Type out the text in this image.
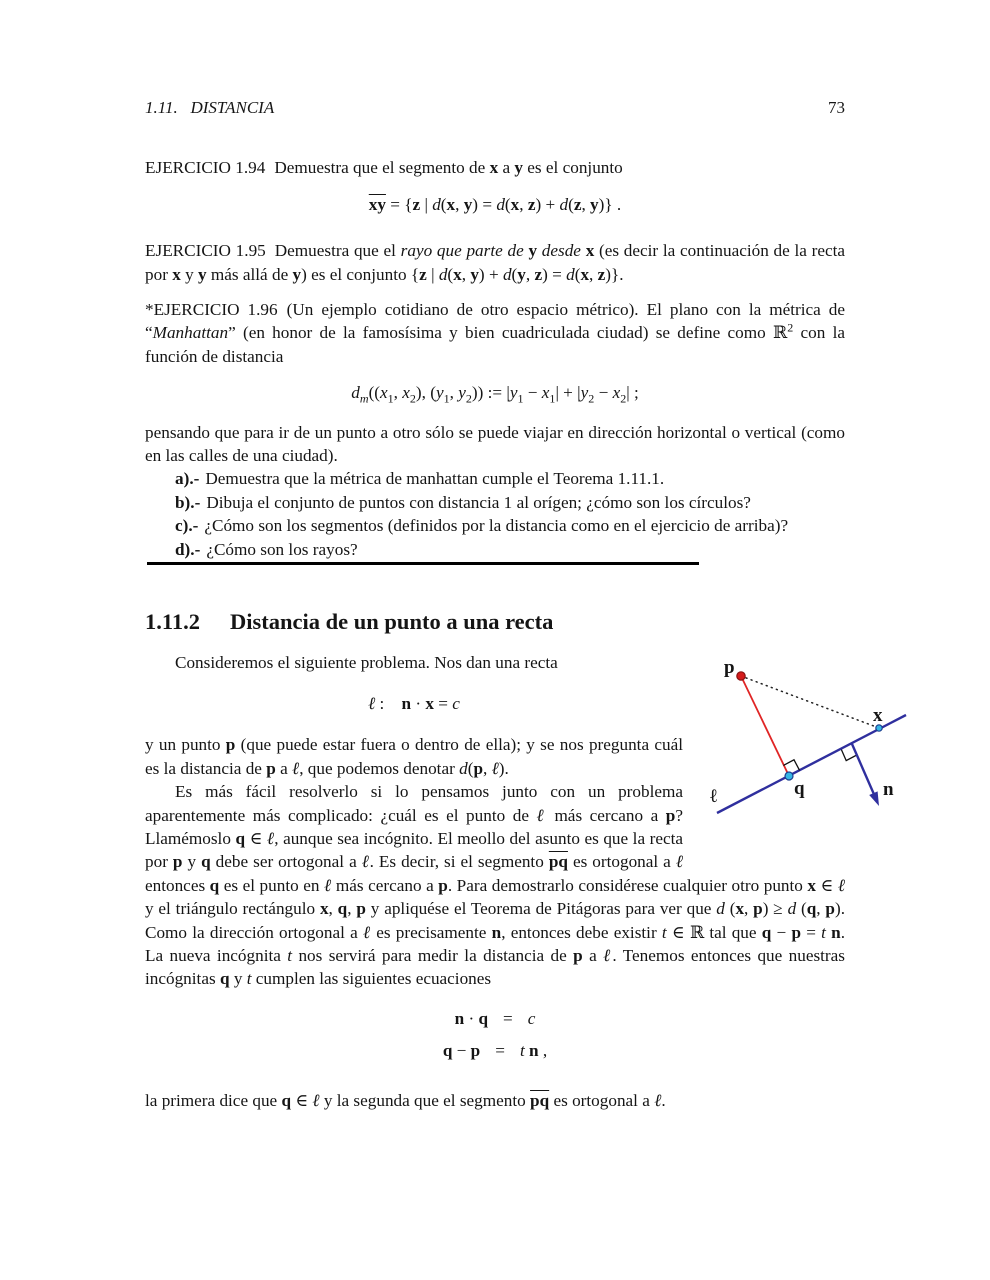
1.11.   DISTANCIA	73

EJERCICIO 1.94 Demuestra que el segmento de x a y es el conjunto

$\overline{xy} = \{z$ | d(x, y) = d(x, z) + d(z, y)} .

EJERCICIO 1.95 Demuestra que el rayo que parte de y desde x (es decir la continuación de la recta por x y y más allá de y) es el conjunto {z | d(x, y) + d(y, z) = d(x, z)}.

*EJERCICIO 1.96 (Un ejemplo cotidiano de otro espacio métrico). El plano con la métrica de “Manhattan” (en honor de la famosísima y bien cuadriculada ciudad) se define como ℝ$^2$ con la función de distancia

$d_m((x_1$, $x_2$), ($y_1$, $y_2$)) := $|y_1 - x_1| + |y_2 - x_2|$ ;

pensando que para ir de un punto a otro sólo se puede viajar en dirección horizontal o vertical (como en las calles de una ciudad).

a).- Demuestra que la métrica de manhattan cumple el Teorema 1.11.1.
b).- Dibuja el conjunto de puntos con distancia 1 al orígen; ¿cómo son los círculos?
c).- ¿Cómo son los segmentos (definidos por la distancia como en el ejercicio de arriba)?
d).- ¿Cómo son los rayos?
1.11.2 Distancia de un punto a una recta

Consideremos el siguiente problema. Nos dan una recta

ℓ :    n · x = c

y un punto p (que puede estar fuera o dentro de ella); y se nos pregunta cuál es la distancia de p a ℓ, que podemos denotar d(p, ℓ).

Es más fácil resolverlo si lo pensamos junto con un problema aparentemente más complicado: ¿cuál es el punto de ℓ más cercano a p? Llamémoslo q ∈ ℓ, aunque sea incógnito. El meollo del asunto es que la recta por p y q debe ser ortogonal a ℓ. Es decir, si el segmento $\overline{pq}$ es ortogonal a ℓ entonces q es el punto en ℓ más cercano a p. Para demostrarlo considérese cualquier otro punto x ∈ ℓ y el triángulo rectángulo x, q, p y apliquése el Teorema de Pitágoras para ver que d (x, p) ≥ d (q, p). Como la dirección ortogonal a ℓ es precisamente n, entonces debe existir t ∈ ℝ tal que q − p = t n. La nueva incógnita t nos servirá para medir la distancia de p a ℓ. Tenemos entonces que nuestras incógnitas q y t cumplen las siguientes ecuaciones

n · q = c
q − p = t n ,

la primera dice que q ∈ ℓ y la segunda que el segmento $\overline{pq}$ es ortogonal a ℓ.

p
q
x
n
ℓ
